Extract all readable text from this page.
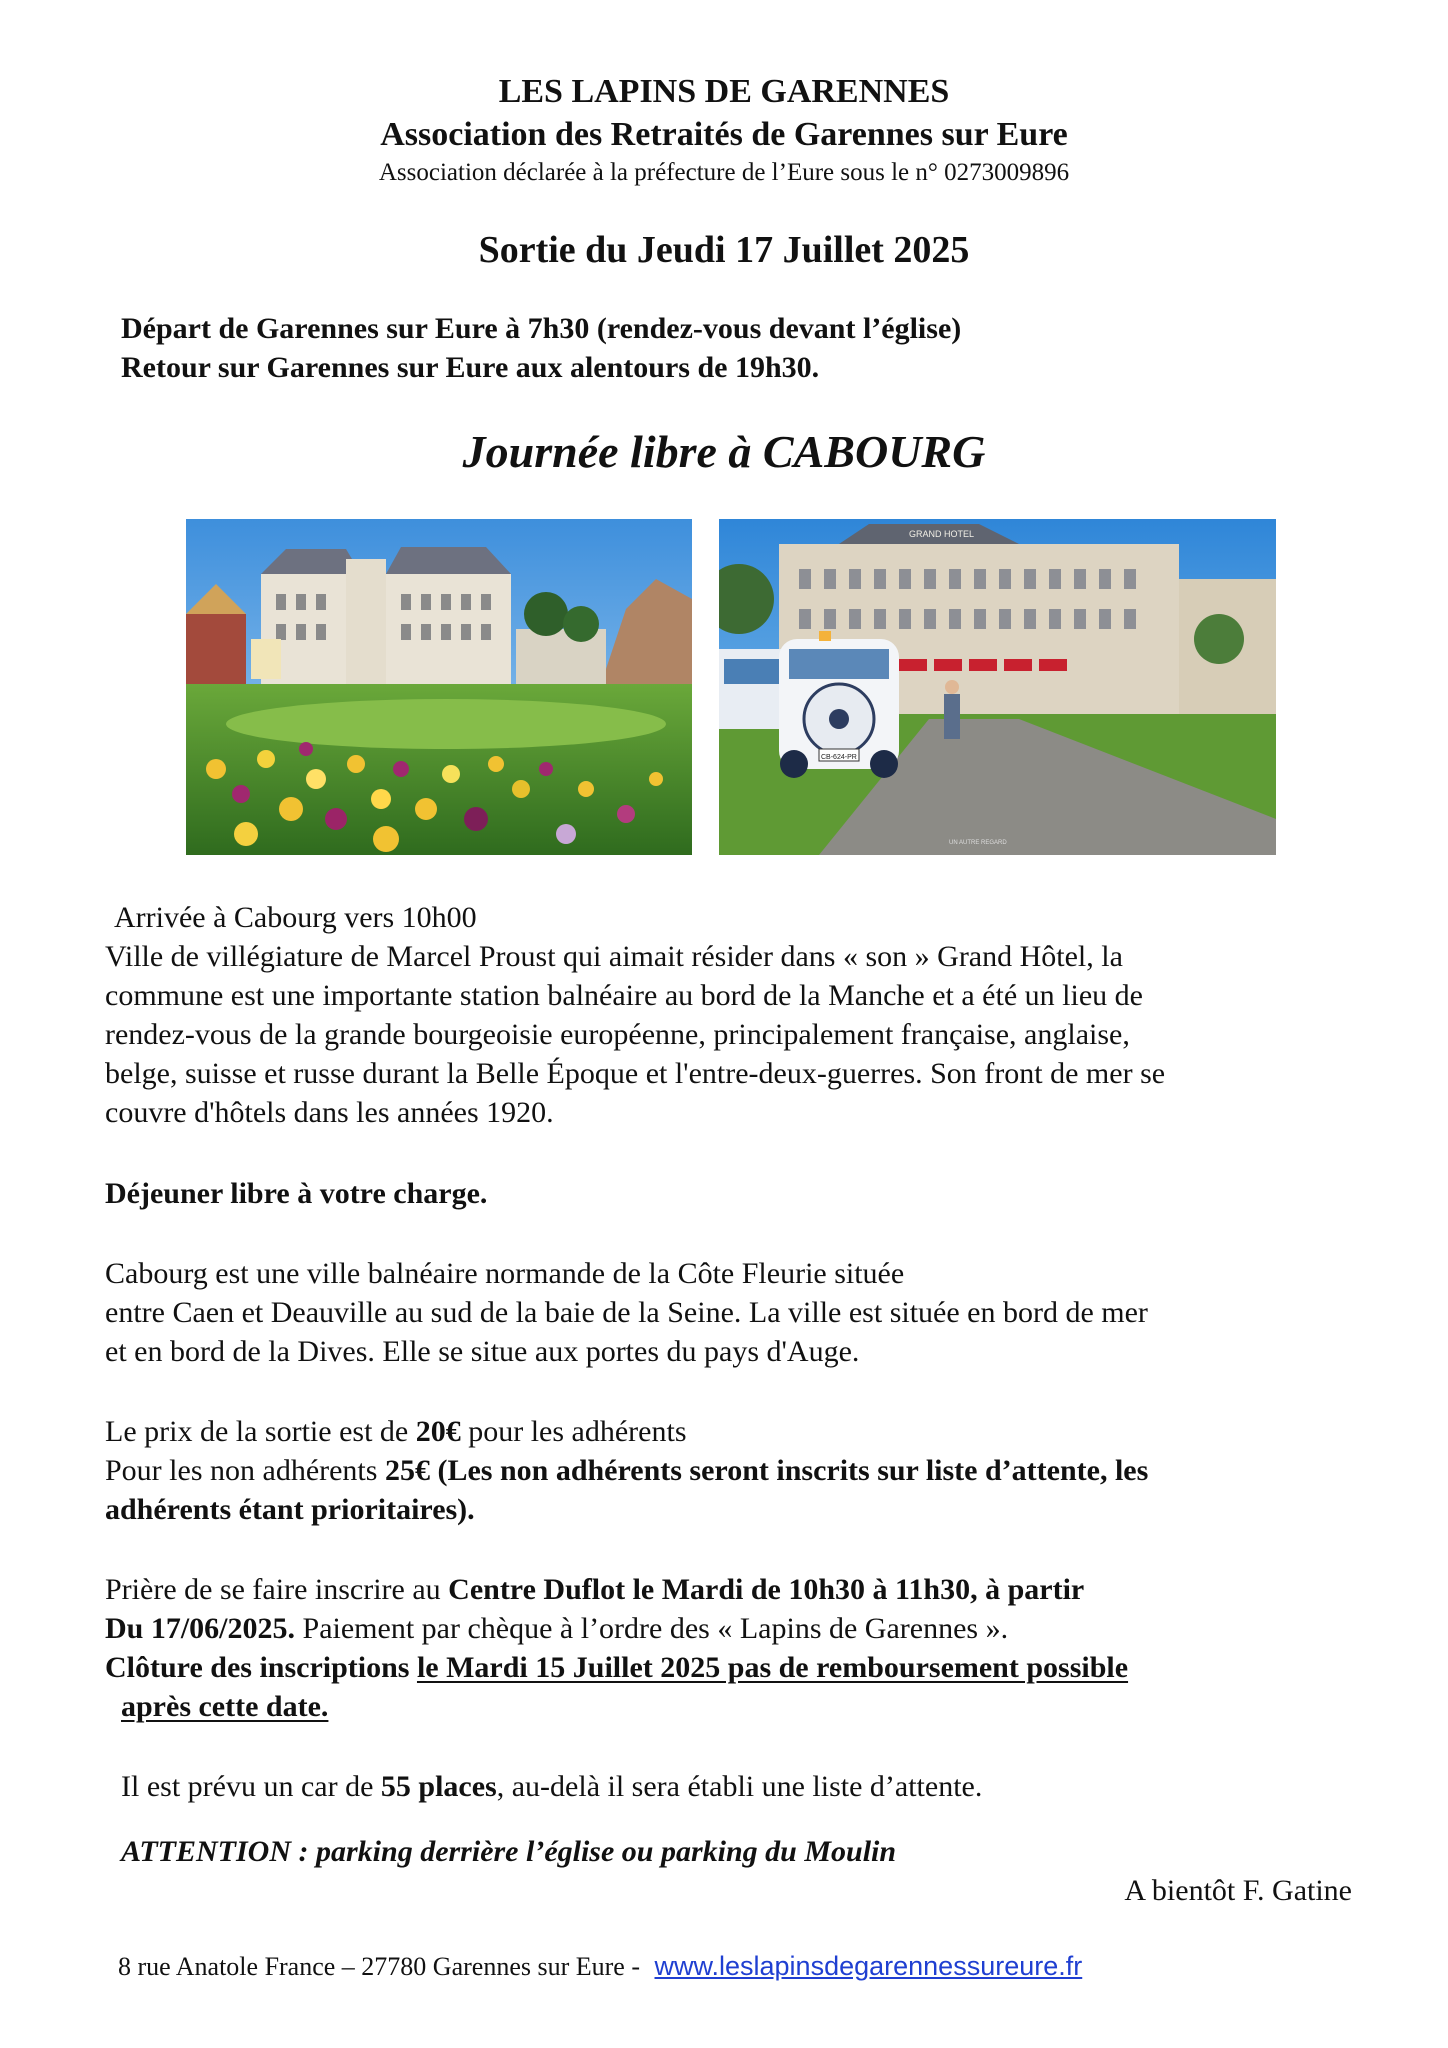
LES LAPINS DE GARENNES
Association des Retraités de Garennes sur Eure
Association déclarée à la préfecture de l’Eure sous le n° 0273009896
Sortie du Jeudi 17 Juillet 2025
Départ de Garennes sur Eure à 7h30 (rendez-vous devant l’église)
Retour sur Garennes sur Eure aux alentours de 19h30.
Journée libre à CABOURG
GRAND HOTEL
CB-624-PR
UN AUTRE REGARD
Arrivée à Cabourg vers 10h00
Ville de villégiature de Marcel Proust qui aimait résider dans « son » Grand Hôtel, la
commune est une importante station balnéaire au bord de la Manche et a été un lieu de
rendez-vous de la grande bourgeoisie européenne, principalement française, anglaise,
belge, suisse et russe durant la Belle Époque et l'entre-deux-guerres. Son front de mer se
couvre d'hôtels dans les années 1920.
Déjeuner libre à votre charge.
Cabourg est une ville balnéaire normande de la Côte Fleurie située
entre Caen et Deauville au sud de la baie de la Seine. La ville est située en bord de mer
et en bord de la Dives. Elle se situe aux portes du pays d'Auge.
Le prix de la sortie est de 20€ pour les adhérents
Pour les non adhérents 25€ (Les non adhérents seront inscrits sur liste d’attente, les
adhérents étant prioritaires).
Prière de se faire inscrire au Centre Duflot le Mardi de 10h30 à 11h30, à partir
Du 17/06/2025. Paiement par chèque à l’ordre des « Lapins de Garennes ».
Clôture des inscriptions le Mardi 15 Juillet 2025 pas de remboursement possible
après cette date.
Il est prévu un car de 55 places, au-delà il sera établi une liste d’attente.
ATTENTION : parking derrière l’église ou parking du Moulin
A bientôt F. Gatine
8 rue Anatole France – 27780 Garennes sur Eure - www.leslapinsdegarennessureure.fr
